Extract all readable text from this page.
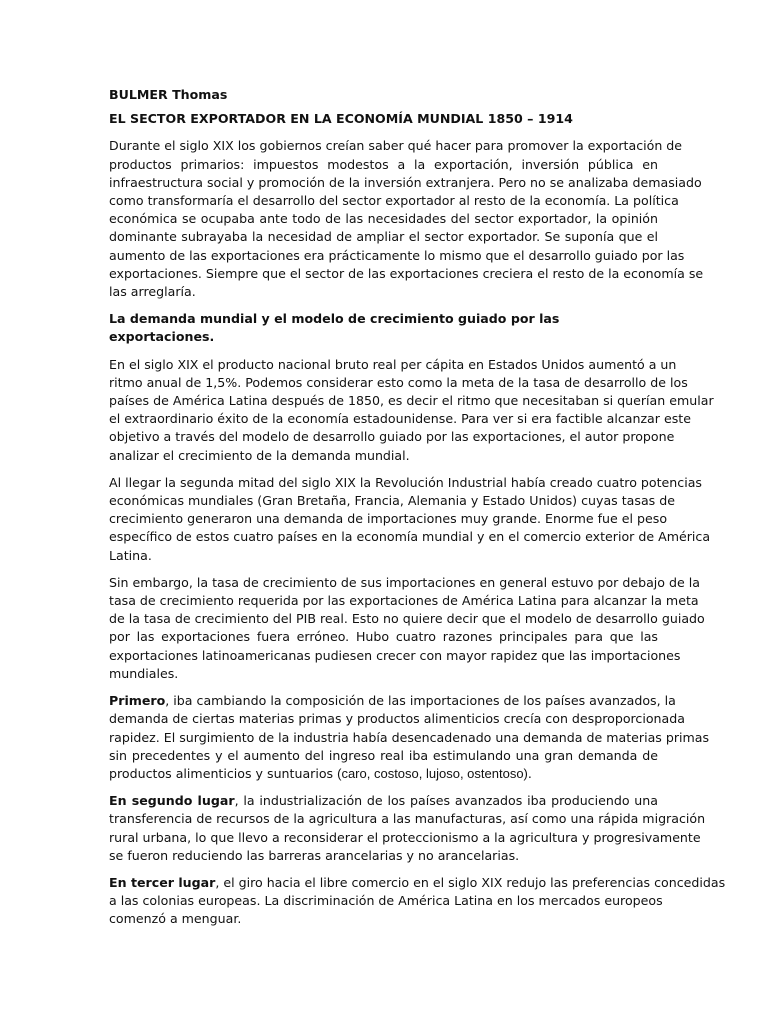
BULMER Thomas

EL SECTOR EXPORTADOR EN LA ECONOMÍA MUNDIAL 1850 – 1914

Durante el siglo XIX los gobiernos creían saber qué hacer para promover la exportación de
productos primarios: impuestos modestos a la exportación, inversión pública en
infraestructura social y promoción de la inversión extranjera. Pero no se analizaba demasiado
como transformaría el desarrollo del sector exportador al resto de la economía. La política
económica se ocupaba ante todo de las necesidades del sector exportador, la opinión
dominante subrayaba la necesidad de ampliar el sector exportador. Se suponía que el
aumento de las exportaciones era prácticamente lo mismo que el desarrollo guiado por las
exportaciones. Siempre que el sector de las exportaciones creciera el resto de la economía se
las arreglaría.

La demanda mundial y el modelo de crecimiento guiado por las exportaciones.

En el siglo XIX el producto nacional bruto real per cápita en Estados Unidos aumentó a un
ritmo anual de 1,5%. Podemos considerar esto como la meta de la tasa de desarrollo de los
países de América Latina después de 1850, es decir el ritmo que necesitaban si querían emular
el extraordinario éxito de la economía estadounidense. Para ver si era factible alcanzar este
objetivo a través del modelo de desarrollo guiado por las exportaciones, el autor propone
analizar el crecimiento de la demanda mundial.
Al llegar la segunda mitad del siglo XIX la Revolución Industrial había creado cuatro potencias
económicas mundiales (Gran Bretaña, Francia, Alemania y Estado Unidos) cuyas tasas de
crecimiento generaron una demanda de importaciones muy grande. Enorme fue el peso
específico de estos cuatro países en la economía mundial y en el comercio exterior de América
Latina.
Sin embargo, la tasa de crecimiento de sus importaciones en general estuvo por debajo de la
tasa de crecimiento requerida por las exportaciones de América Latina para alcanzar la meta
de la tasa de crecimiento del PIB real. Esto no quiere decir que el modelo de desarrollo guiado
por las exportaciones fuera erróneo. Hubo cuatro razones principales para que las
exportaciones latinoamericanas pudiesen crecer con mayor rapidez que las importaciones
mundiales.
Primero, iba cambiando la composición de las importaciones de los países avanzados, la
demanda de ciertas materias primas y productos alimenticios crecía con desproporcionada
rapidez. El surgimiento de la industria había desencadenado una demanda de materias primas
sin precedentes y el aumento del ingreso real iba estimulando una gran demanda de
productos alimenticios y suntuarios (caro, costoso, lujoso, ostentoso).
En segundo lugar, la industrialización de los países avanzados iba produciendo una
transferencia de recursos de la agricultura a las manufacturas, así como una rápida migración
rural urbana, lo que llevo a reconsiderar el proteccionismo a la agricultura y progresivamente
se fueron reduciendo las barreras arancelarias y no arancelarias.
En tercer lugar, el giro hacia el libre comercio en el siglo XIX redujo las preferencias concedidas
a las colonias europeas. La discriminación de América Latina en los mercados europeos
comenzó a menguar.
